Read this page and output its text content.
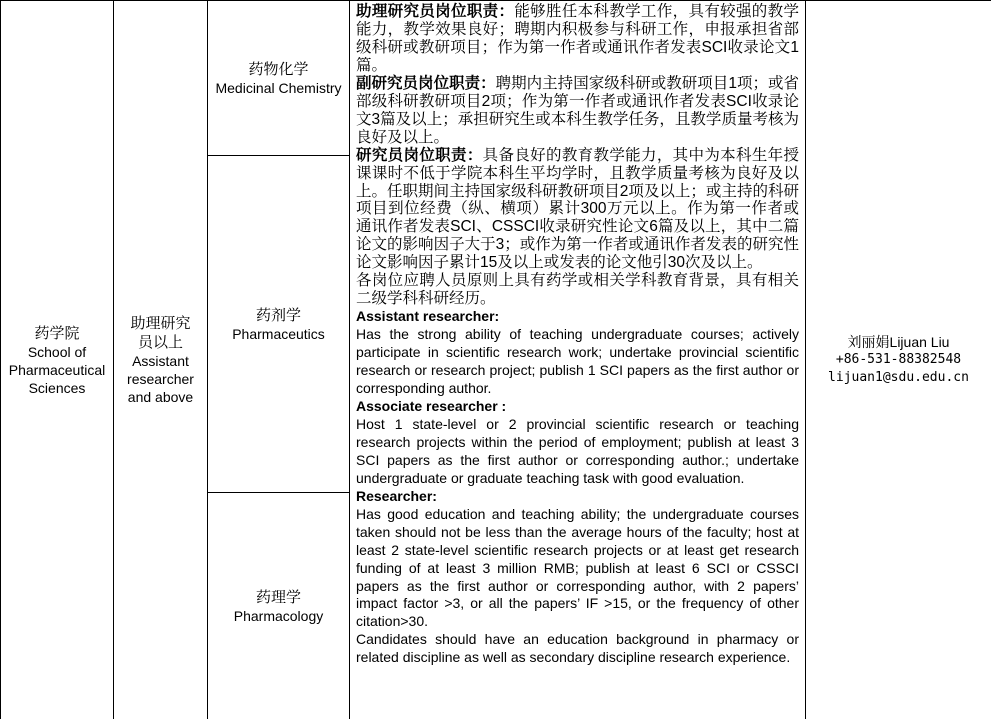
药学院
School of Pharmaceutical Sciences
助理研究员以上
Assistant researcher and above
药物化学
Medicinal Chemistry
药剂学
Pharmaceutics
药理学
Pharmacology

助理研究员岗位职责：能够胜任本科教学工作，具有较强的教学能力，教学效果良好；聘期内积极参与科研工作，申报承担省部级科研或教研项目；作为第一作者或通讯作者发表SCI收录论文1篇。

副研究员岗位职责：聘期内主持国家级科研或教研项目1项；或省部级科研教研项目2项；作为第一作者或通讯作者发表SCI收录论文3篇及以上；承担研究生或本科生教学任务，且教学质量考核为良好及以上。

研究员岗位职责：具备良好的教育教学能力，其中为本科生年授课课时不低于学院本科生平均学时，且教学质量考核为良好及以上。任职期间主持国家级科研教研项目2项及以上；或主持的科研项目到位经费（纵、横项）累计300万元以上。作为第一作者或通讯作者发表SCI、CSSCI收录研究性论文6篇及以上，其中二篇论文的影响因子大于3；或作为第一作者或通讯作者发表的研究性论文影响因子累计15及以上或发表的论文他引30次及以上。

各岗位应聘人员原则上具有药学或相关学科教育背景，具有相关二级学科科研经历。

Assistant researcher:

Has the strong ability of teaching undergraduate courses; actively participate in scientific research work; undertake provincial scientific research or research project; publish 1 SCI papers as the first author or corresponding author.

Associate researcher :

Host 1 state-level or 2 provincial scientific research or teaching research projects within the period of employment; publish at least 3 SCI papers as the first author or corresponding author.; undertake undergraduate or graduate teaching task with good evaluation.

Researcher:

Has good education and teaching ability; the undergraduate courses taken should not be less than the average hours of the faculty; host at least 2 state-level scientific research projects or at least get research funding of at least 3 million RMB; publish at least 6 SCI or CSSCI papers as the first author or corresponding author, with 2 papers’ impact factor >3, or all the papers’ IF >15, or the frequency of other citation>30.

Candidates should have an education background in pharmacy or related discipline as well as secondary discipline research experience.

刘丽娟Lijuan Liu
+86-531-88382548
lijuan1@sdu.edu.cn
